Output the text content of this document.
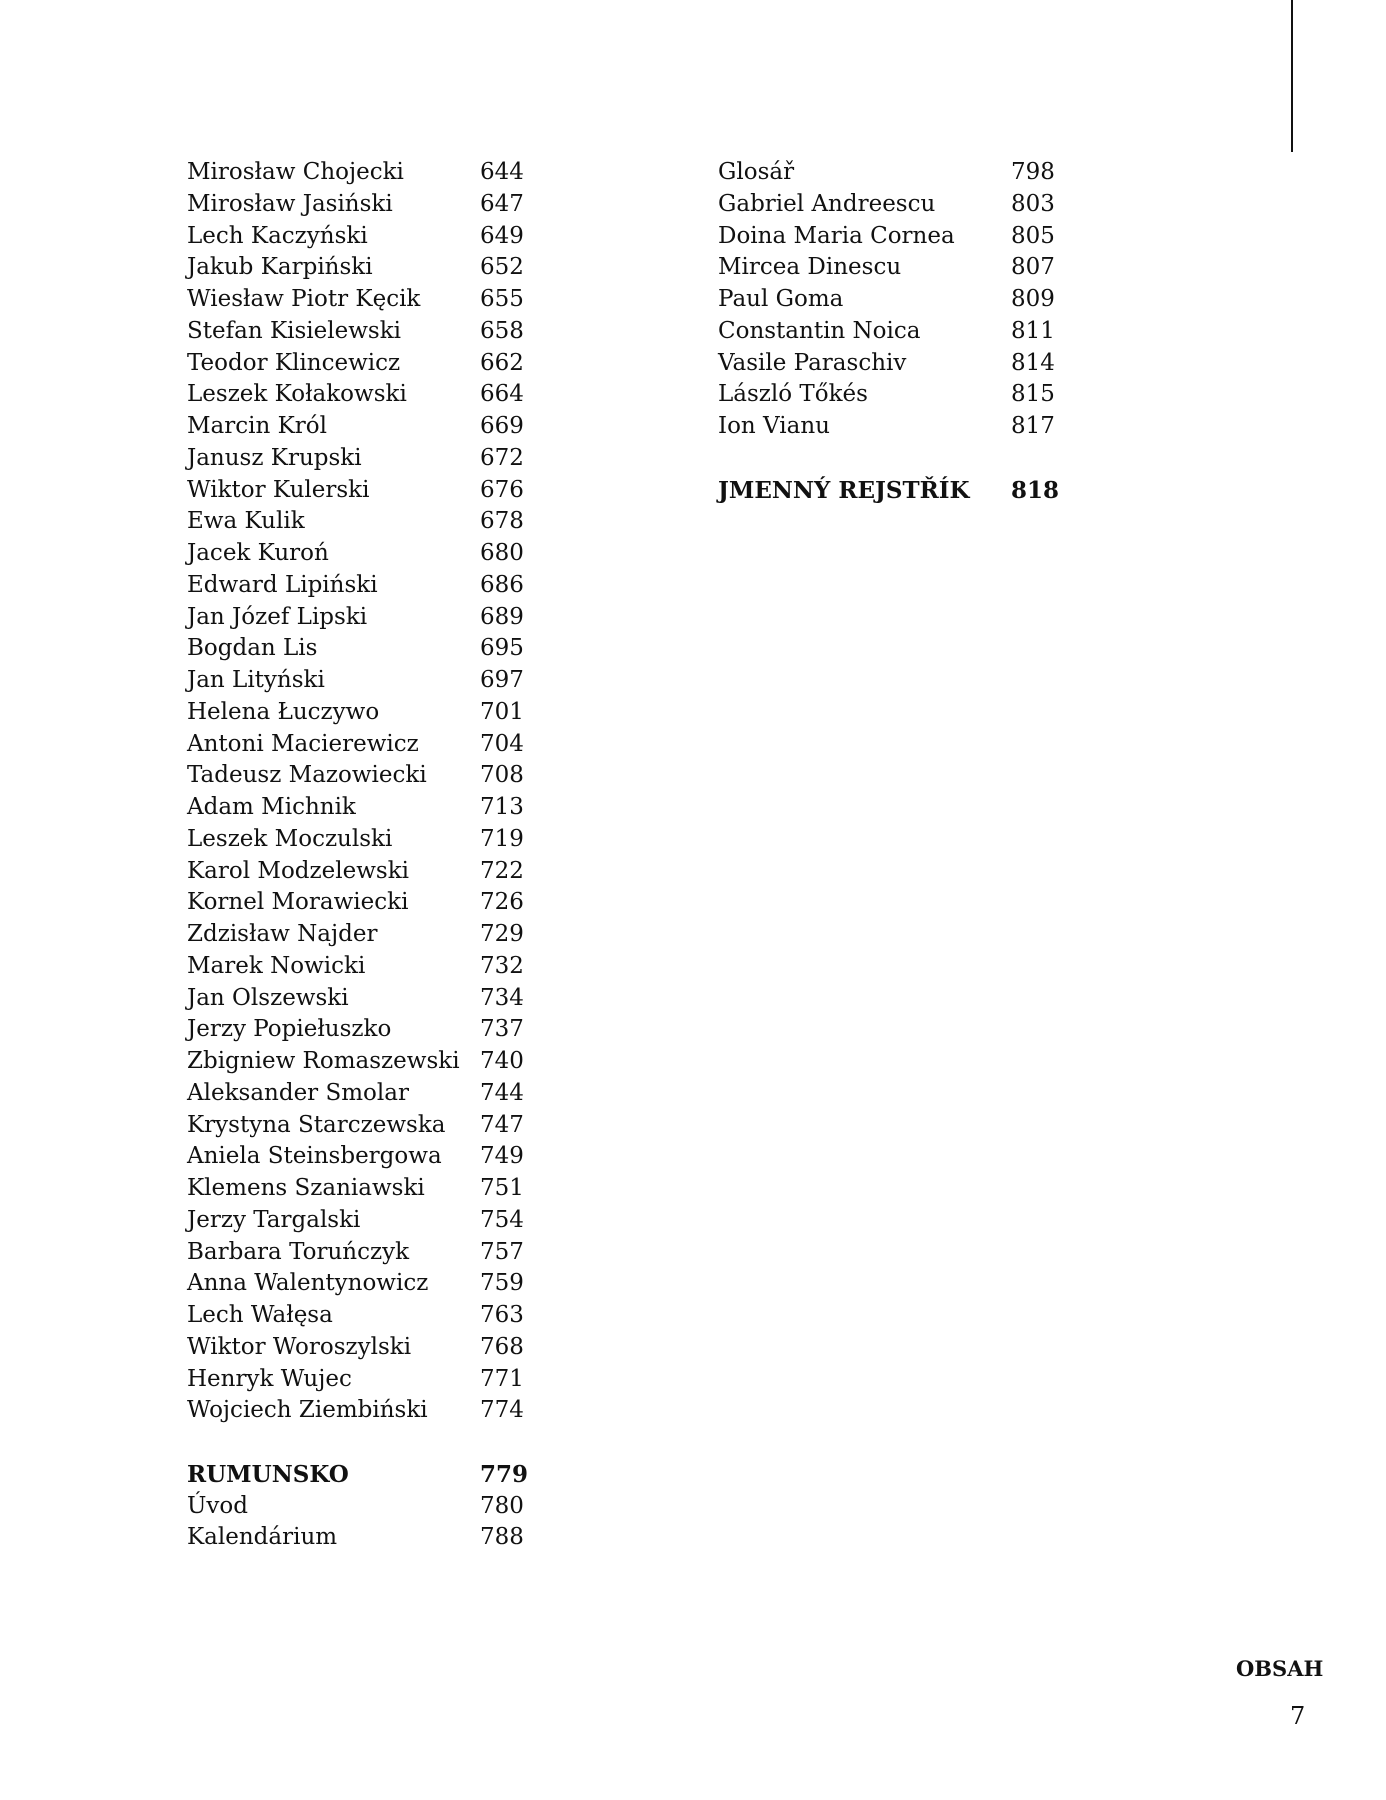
Mirosław Chojecki	644
Mirosław Jasiński	647
Lech Kaczyński	649
Jakub Karpiński	652
Wiesław Piotr Kęcik	655
Stefan Kisielewski	658
Teodor Klincewicz	662
Leszek Kołakowski	664
Marcin Król	669
Janusz Krupski	672
Wiktor Kulerski	676
Ewa Kulik	678
Jacek Kuroń	680
Edward Lipiński	686
Jan Józef Lipski	689
Bogdan Lis	695
Jan Lityński	697
Helena Łuczywo	701
Antoni Macierewicz	704
Tadeusz Mazowiecki 708
Adam Michnik	713
Leszek Moczulski	719
Karol Modzelewski	722
Kornel Morawiecki	726
Zdzisław Najder	729
Marek Nowicki	732
Jan Olszewski	734
Jerzy Popiełuszko	737
Zbigniew Romaszewski 740
Aleksander Smolar	744
Krystyna Starczewska 747
Aniela Steinsbergowa 749
Klemens Szaniawski 751
Jerzy Targalski	754
Barbara Toruńczyk	757
Anna Walentynowicz 759
Lech Wałęsa	763
Wiktor Woroszylski	768
Henryk Wujec	771
Wojciech Ziembiński 774
RUMUNSKO	779
Úvod	780
Kalendárium	788
Glosář	798
Gabriel Andreescu	803
Doina Maria Cornea 805
Mircea Dinescu	807
Paul Goma	809
Constantin Noica	811
Vasile Paraschiv	814
László Tőkés	815
Ion Vianu	817
JMENNÝ REJSTŘÍK 818
OBSAH
7
